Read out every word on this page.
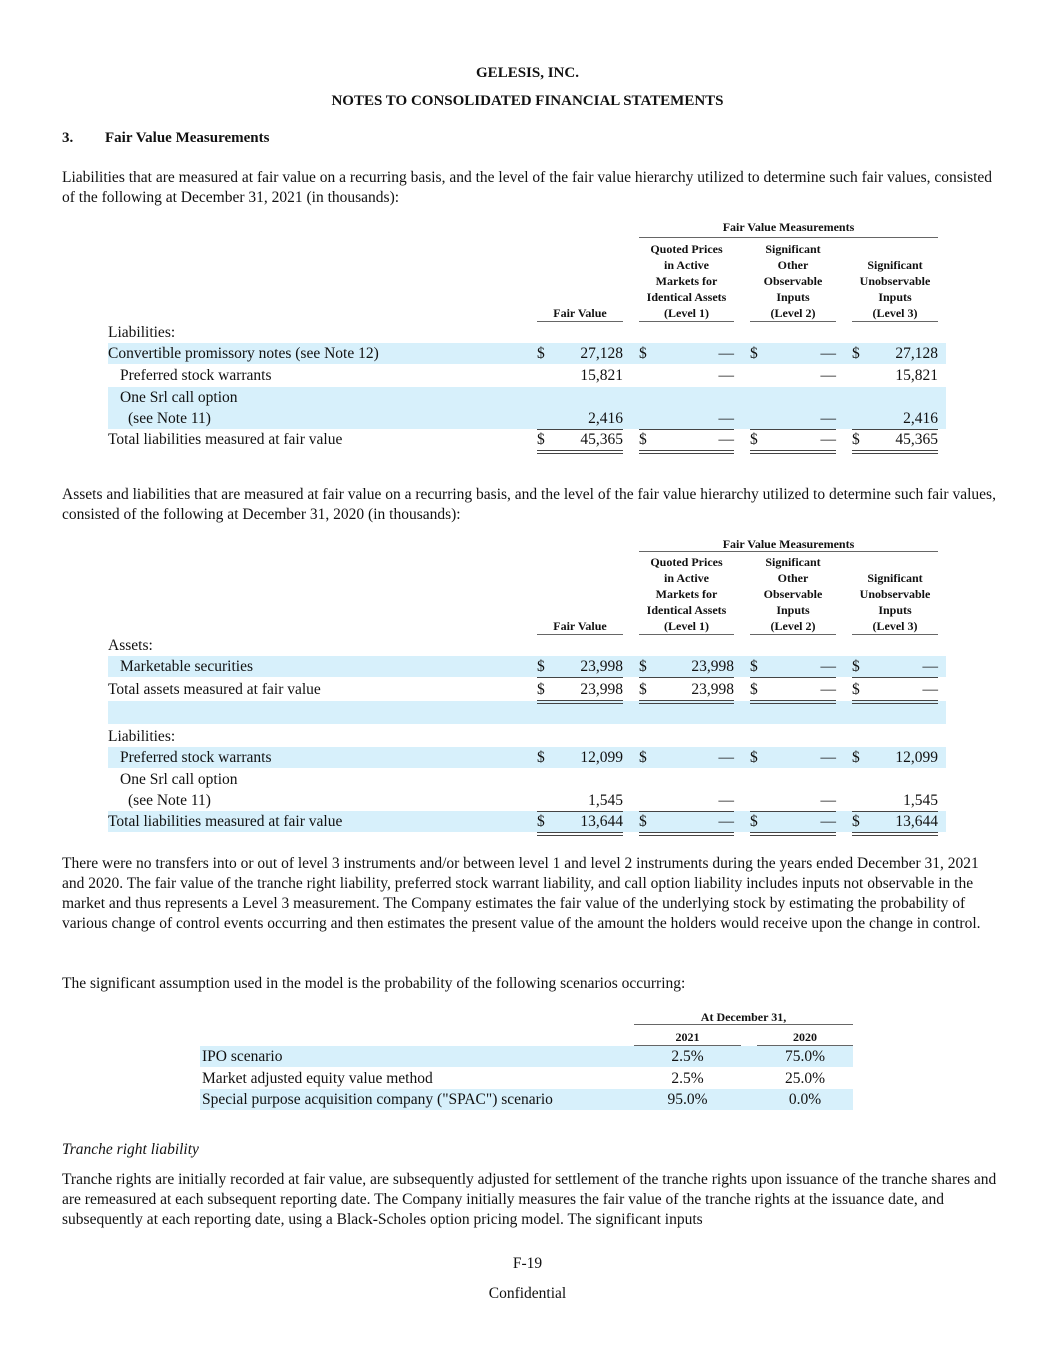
GELESIS, INC.
NOTES TO CONSOLIDATED FINANCIAL STATEMENTS
3. Fair Value Measurements
Liabilities that are measured at fair value on a recurring basis, and the level of the fair value hierarchy utilized to determine such fair values, consisted of the following at December 31, 2021 (in thousands):
Fair Value Measurements
Fair Value
Quoted Prices
in Active
Markets for
Identical Assets
(Level 1)
Significant
Other
Observable
Inputs
(Level 2)
Significant
Unobservable
Inputs
(Level 3)
Liabilities:
Convertible promissory notes (see Note 12)	$	27,128 $	— $	— $	27,128
Preferred stock warrants	15,821	—	—	15,821
One Srl call option
(see Note 11)	2,416	—	—	2,416
Total liabilities measured at fair value	$	45,365 $	— $	— $	45,365
Assets and liabilities that are measured at fair value on a recurring basis, and the level of the fair value hierarchy utilized to determine such fair values, consisted of the following at December 31, 2020 (in thousands):
Fair Value Measurements
Fair Value
Quoted Prices
in Active
Markets for
Identical Assets
(Level 1)
Significant
Other
Observable
Inputs
(Level 2)
Significant
Unobservable
Inputs
(Level 3)
Assets:
Marketable securities	$	23,998 $	23,998 $	— $	—
Total assets measured at fair value	$	23,998 $	23,998 $	— $	—
Liabilities:
Preferred stock warrants	$	12,099 $	— $	— $	12,099
One Srl call option
(see Note 11)	1,545	—	—	1,545
Total liabilities measured at fair value	$	13,644 $	— $	— $	13,644
There were no transfers into or out of level 3 instruments and/or between level 1 and level 2 instruments during the years ended December 31, 2021 and 2020. The fair value of the tranche right liability, preferred stock warrant liability, and call option liability includes inputs not observable in the market and thus represents a Level 3 measurement. The Company estimates the fair value of the underlying stock by estimating the probability of various change of control events occurring and then estimates the present value of the amount the holders would receive upon the change in control.
The significant assumption used in the model is the probability of the following scenarios occurring:
At December 31,
2021	2020
IPO scenario	2.5%	75.0%
Market adjusted equity value method	2.5%	25.0%
Special purpose acquisition company ("SPAC") scenario	95.0%	0.0%
Tranche right liability
Tranche rights are initially recorded at fair value, are subsequently adjusted for settlement of the tranche rights upon issuance of the tranche shares and are remeasured at each subsequent reporting date. The Company initially measures the fair value of the tranche rights at the issuance date, and subsequently at each reporting date, using a Black-Scholes option pricing model. The significant inputs
F-19
Confidential
